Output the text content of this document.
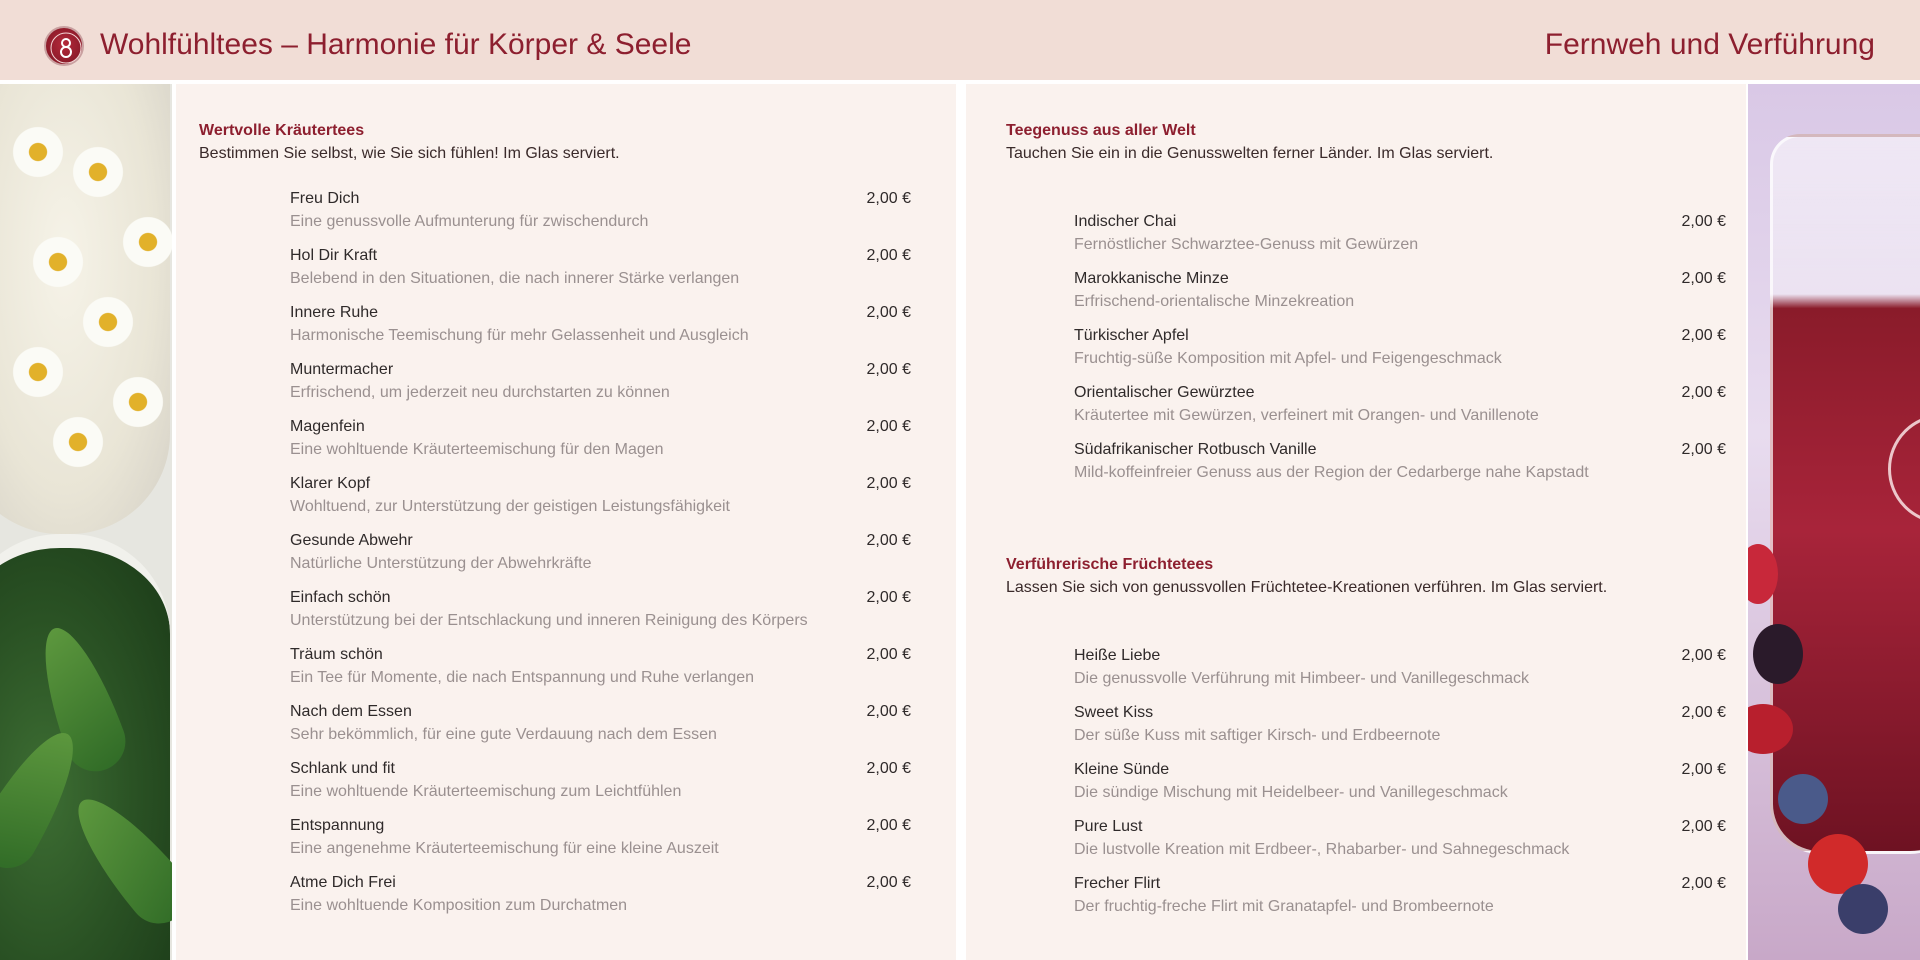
Wohlfühltees – Harmonie für Körper & Seele	Fernweh und Verführung
Wertvolle Kräutertees
Bestimmen Sie selbst, wie Sie sich fühlen! Im Glas serviert.
Freu Dich
Eine genussvolle Aufmunterung für zwischendurch
2,00 €
Hol Dir Kraft
Belebend in den Situationen, die nach innerer Stärke verlangen
2,00 €
Innere Ruhe
Harmonische Teemischung für mehr Gelassenheit und Ausgleich
2,00 €
Muntermacher
Erfrischend, um jederzeit neu durchstarten zu können
2,00 €
Magenfein
Eine wohltuende Kräuterteemischung für den Magen
2,00 €
Klarer Kopf
Wohltuend, zur Unterstützung der geistigen Leistungsfähigkeit
2,00 €
Gesunde Abwehr
Natürliche Unterstützung der Abwehrkräfte
2,00 €
Einfach schön
Unterstützung bei der Entschlackung und inneren Reinigung des Körpers
2,00 €
Träum schön
Ein Tee für Momente, die nach Entspannung und Ruhe verlangen
2,00 €
Nach dem Essen
Sehr bekömmlich, für eine gute Verdauung nach dem Essen
2,00 €
Schlank und fit
Eine wohltuende Kräuterteemischung zum Leichtfühlen
2,00 €
Entspannung
Eine angenehme Kräuterteemischung für eine kleine Auszeit
2,00 €
Atme Dich Frei
Eine wohltuende Komposition zum Durchatmen
2,00 €
Teegenuss aus aller Welt
Tauchen Sie ein in die Genusswelten ferner Länder. Im Glas serviert.
Indischer Chai
Fernöstlicher Schwarztee-Genuss mit Gewürzen
2,00 €
Marokkanische Minze
Erfrischend-orientalische Minzekreation
2,00 €
Türkischer Apfel
Fruchtig-süße Komposition mit Apfel- und Feigengeschmack
2,00 €
Orientalischer Gewürztee
Kräutertee mit Gewürzen, verfeinert mit Orangen- und Vanillenote
2,00 €
Südafrikanischer Rotbusch Vanille
Mild-koffeinfreier Genuss aus der Region der Cedarberge nahe Kapstadt
2,00 €
Verführerische Früchtetees
Lassen Sie sich von genussvollen Früchtetee-Kreationen verführen. Im Glas serviert.
Heiße Liebe
Die genussvolle Verführung mit Himbeer- und Vanillegeschmack
2,00 €
Sweet Kiss
Der süße Kuss mit saftiger Kirsch- und Erdbeernote
2,00 €
Kleine Sünde
Die sündige Mischung mit Heidelbeer- und Vanillegeschmack
2,00 €
Pure Lust
Die lustvolle Kreation mit Erdbeer-, Rhabarber- und Sahnegeschmack
2,00 €
Frecher Flirt
Der fruchtig-freche Flirt mit Granatapfel- und Brombeernote
2,00 €
